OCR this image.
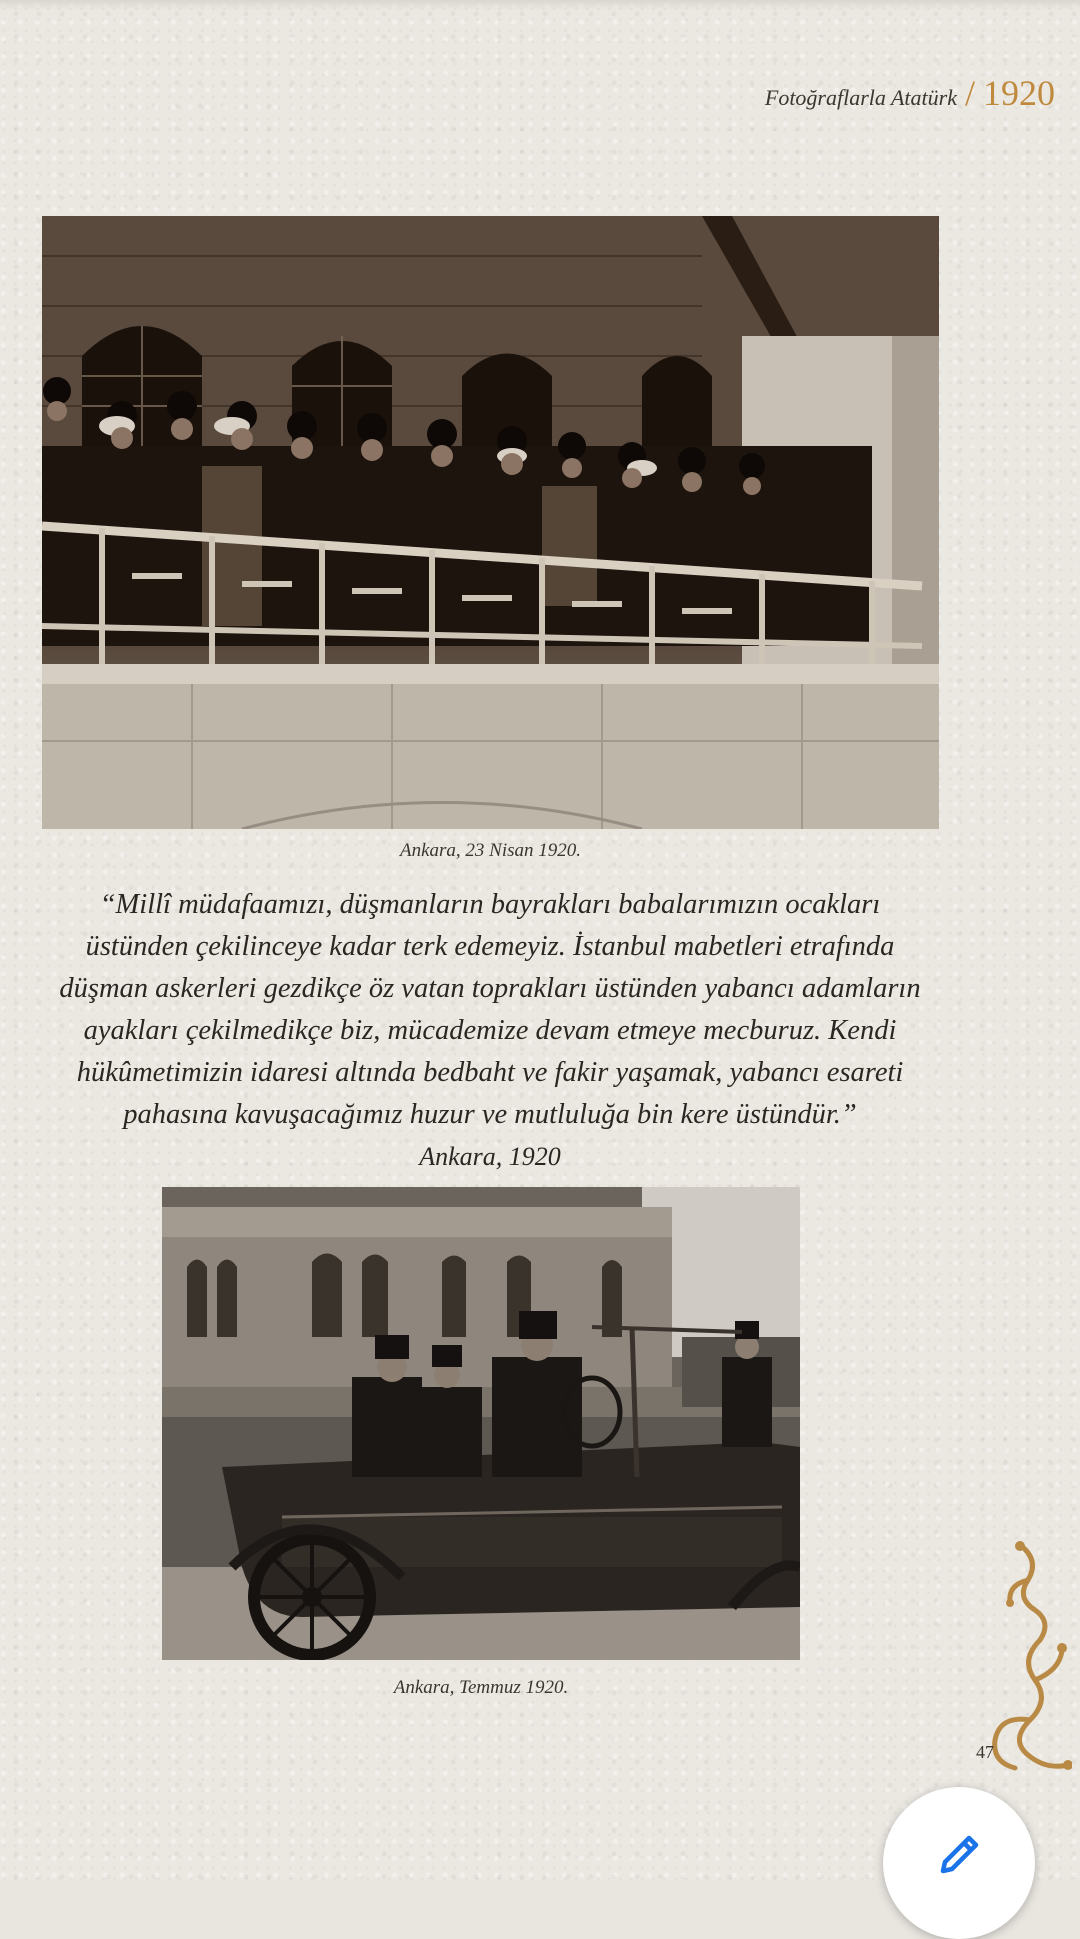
Fotoğraflarla Atatürk / 1920
Ankara, 23 Nisan 1920.
“Millî müdafaamızı, düşmanların bayrakları babalarımızın ocakları
üstünden çekilinceye kadar terk edemeyiz. İstanbul mabetleri etrafında
düşman askerleri gezdikçe öz vatan toprakları üstünden yabancı adamların
ayakları çekilmedikçe biz, mücademize devam etmeye mecburuz. Kendi
hükûmetimizin idaresi altında bedbaht ve fakir yaşamak, yabancı esareti
pahasına kavuşacağımız huzur ve mutluluğa bin kere üstündür.”
Ankara, 1920
Ankara, Temmuz 1920.
47
